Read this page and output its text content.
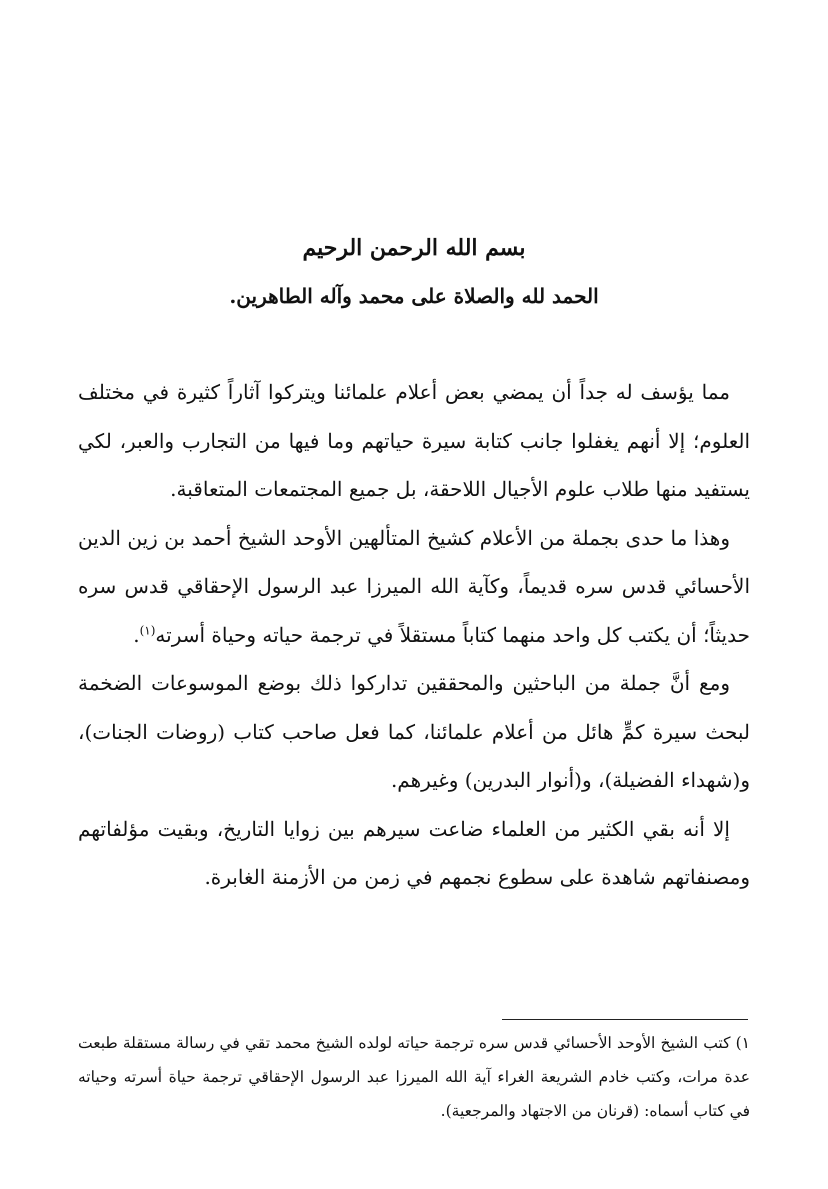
بسم الله الرحمن الرحيم
الحمد لله والصلاة على محمد وآله الطاهرين.

مما يؤسف له جداً أن يمضي بعض أعلام علمائنا ويتركوا آثاراً كثيرة في مختلف العلوم؛ إلا أنهم يغفلوا جانب كتابة سيرة حياتهم وما فيها من التجارب والعبر، لكي يستفيد منها طلاب علوم الأجيال اللاحقة، بل جميع المجتمعات المتعاقبة.

وهذا ما حدى بجملة من الأعلام كشيخ المتألهين الأوحد الشيخ أحمد بن زين الدين الأحسائي قدس سره قديماً، وكآية الله الميرزا عبد الرسول الإحقاقي قدس سره حديثاً؛ أن يكتب كل واحد منهما كتاباً مستقلاً في ترجمة حياته وحياة أسرته$^{(١)}$.

ومع أنَّ جملة من الباحثين والمحققين تداركوا ذلك بوضع الموسوعات الضخمة لبحث سيرة كمٍّ هائل من أعلام علمائنا، كما فعل صاحب كتاب (روضات الجنات)، و(شهداء الفضيلة)، و(أنوار البدرين) وغيرهم.

إلا أنه بقي الكثير من العلماء ضاعت سيرهم بين زوايا التاريخ، وبقيت مؤلفاتهم ومصنفاتهم شاهدة على سطوع نجمهم في زمن من الأزمنة الغابرة.

١) كتب الشيخ الأوحد الأحسائي قدس سره ترجمة حياته لولده الشيخ محمد تقي في رسالة مستقلة طبعت عدة مرات، وكتب خادم الشريعة الغراء آية الله الميرزا عبد الرسول الإحقاقي ترجمة حياة أسرته وحياته في كتاب أسماه: (قرنان من الاجتهاد والمرجعية).
